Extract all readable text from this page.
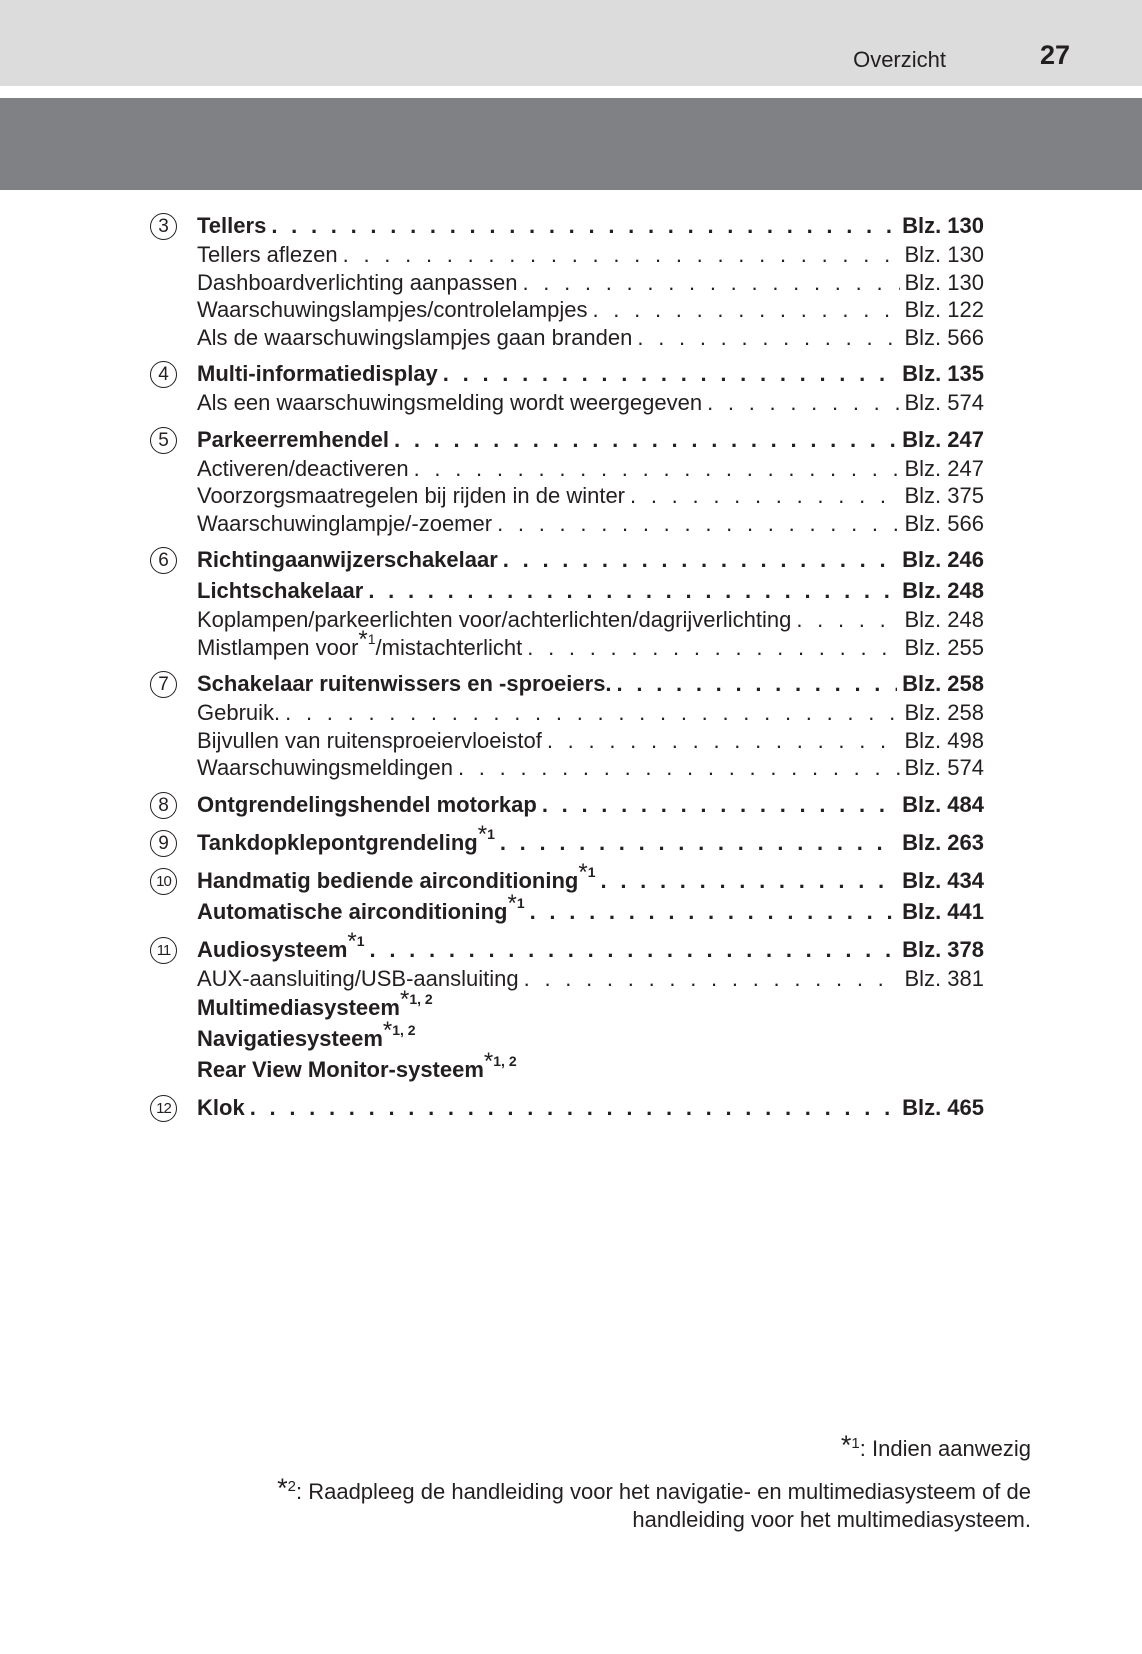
Overzicht	27
3	Tellers . . .	Blz. 130
Tellers aflezen . . .	Blz. 130
Dashboardverlichting aanpassen . . .	Blz. 130
Waarschuwingslampjes/controlelampjes . . .	Blz. 122
Als de waarschuwingslampjes gaan branden . . .	Blz. 566
4	Multi-informatiedisplay . . .	Blz. 135
Als een waarschuwingsmelding wordt weergegeven . . .	Blz. 574
5	Parkeerremhendel . . .	Blz. 247
Activeren/deactiveren . . .	Blz. 247
Voorzorgsmaatregelen bij rijden in de winter . . .	Blz. 375
Waarschuwinglampje/-zoemer . . .	Blz. 566
6	Richtingaanwijzerschakelaar . . .	Blz. 246
Lichtschakelaar . . .	Blz. 248
Koplampen/parkeerlichten voor/achterlichten/dagrijverlichting . . .	Blz. 248
Mistlampen voor$^{*1}$/mistachterlicht . . .	Blz. 255
7	Schakelaar ruitenwissers en -sproeiers. . . .	Blz. 258
Gebruik. . . .	Blz. 258
Bijvullen van ruitensproeiervloeistof . . .	Blz. 498
Waarschuwingsmeldingen . . .	Blz. 574
8	Ontgrendelingshendel motorkap . . .	Blz. 484
9	Tankdopklepontgrendeling$^{*1}$ . . .	Blz. 263
10 Handmatig bediende airconditioning$^{*1}$ . . .	Blz. 434
Automatische airconditioning$^{*1}$ . . .	Blz. 441
11	Audiosysteem$^{*1}$ . . .	Blz. 378
AUX-aansluiting/USB-aansluiting . . .	Blz. 381
Multimediasysteem$^{*1, 2}$
Navigatiesysteem$^{*1, 2}$
Rear View Monitor-systeem$^{*1, 2}$
12 Klok . . .	Blz. 465
*$^1$: Indien aanwezig
*$^2$: Raadpleeg de handleiding voor het navigatie- en multimediasysteem of de
handleiding voor het multimediasysteem.
